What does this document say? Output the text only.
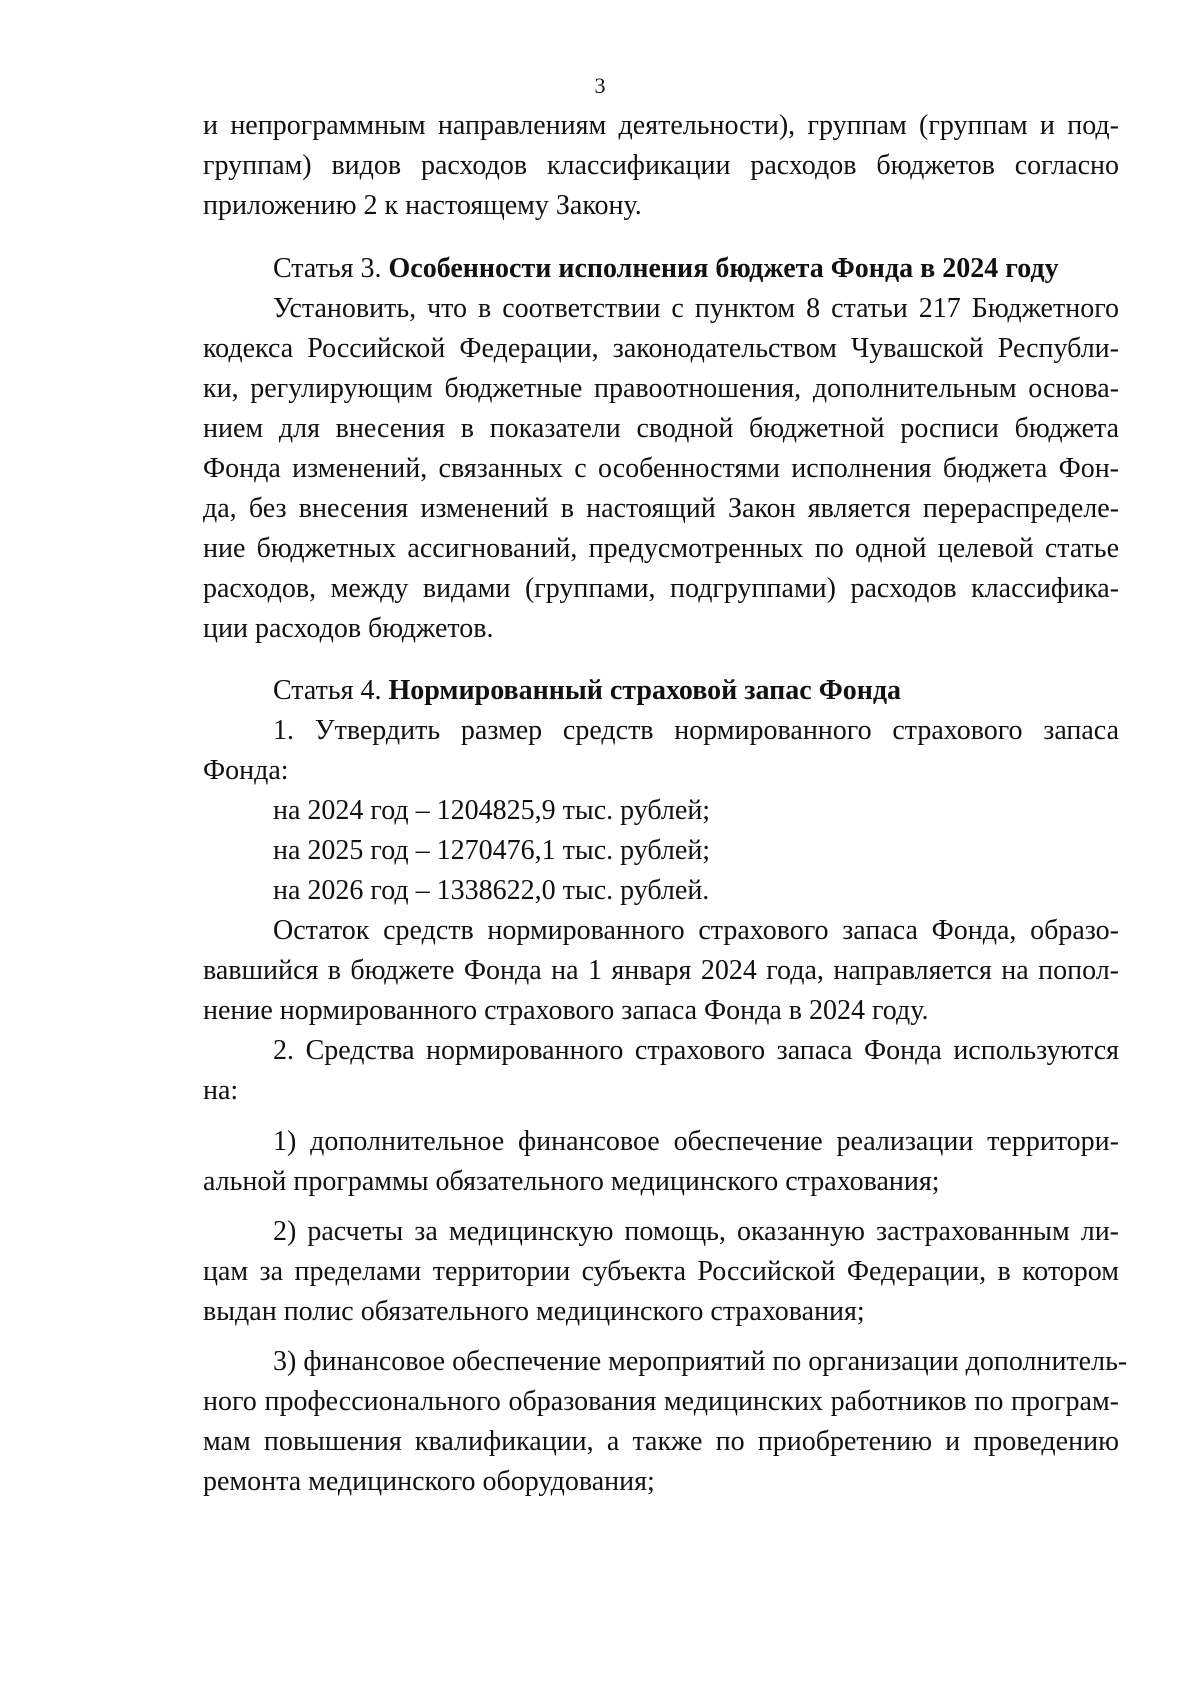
3
и непрограммным направлениям деятельности), группам (группам и под-
группам) видов расходов классификации расходов бюджетов согласно
приложению 2 к настоящему Закону.
Статья 3. Особенности исполнения бюджета Фонда в 2024 году
Установить, что в соответствии с пунктом 8 статьи 217 Бюджетного
кодекса Российской Федерации, законодательством Чувашской Республи-
ки, регулирующим бюджетные правоотношения, дополнительным основа-
нием для внесения в показатели сводной бюджетной росписи бюджета
Фонда изменений, связанных с особенностями исполнения бюджета Фон-
да, без внесения изменений в настоящий Закон является перераспределе-
ние бюджетных ассигнований, предусмотренных по одной целевой статье
расходов, между видами (группами, подгруппами) расходов классифика-
ции расходов бюджетов.
Статья 4. Нормированный страховой запас Фонда
1. Утвердить размер средств нормированного страхового запаса
Фонда:
на 2024 год – 1204825,9 тыс. рублей;
на 2025 год – 1270476,1 тыс. рублей;
на 2026 год – 1338622,0 тыс. рублей.
Остаток средств нормированного страхового запаса Фонда, образо-
вавшийся в бюджете Фонда на 1 января 2024 года, направляется на попол-
нение нормированного страхового запаса Фонда в 2024 году.
2. Средства нормированного страхового запаса Фонда используются
на:
1) дополнительное финансовое обеспечение реализации территори-
альной программы обязательного медицинского страхования;
2) расчеты за медицинскую помощь, оказанную застрахованным ли-
цам за пределами территории субъекта Российской Федерации, в котором
выдан полис обязательного медицинского страхования;
3) финансовое обеспечение мероприятий по организации дополнитель-
ного профессионального образования медицинских работников по програм-
мам повышения квалификации, а также по приобретению и проведению
ремонта медицинского оборудования;
